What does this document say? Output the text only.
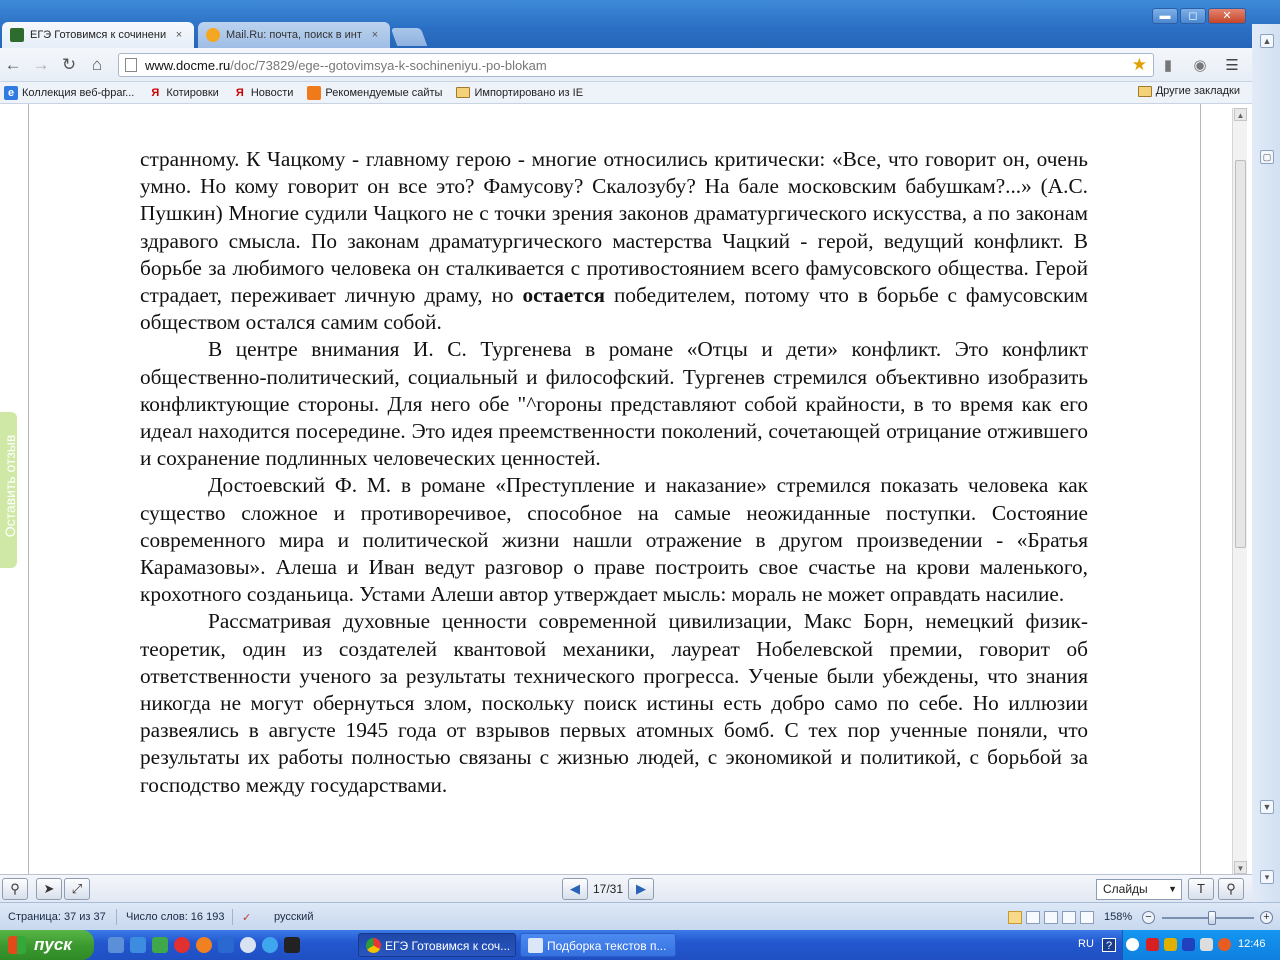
ЕГЭ Готовимся к сочинени ×	Mail.Ru: почта, поиск в инт ×
▬	◻	✕
← → ↻ ⌂	www.docme.ru /doc/73829/ege--gotovimsya-k-sochineniyu.-po-blokam	★	▮	◉ ☰
e Коллекция веб-фраг... Я Котировки Я Новости	Рекомендуемые сайты	Импортировано из IE	Другие закладки

странному. К Чацкому - главному герою - многие относились критически: «Все, что говорит он, очень умно. Но кому говорит он все это? Фамусову? Скалозубу? На бале московским бабушкам?...» (А.С. Пушкин) Многие судили Чацкого не с точки зрения законов драматургического искусства, а по законам здравого смысла. По законам драматургического мастерства Чацкий - герой, ведущий конфликт. В борьбе за любимого человека он сталкивается с противостоянием всего фамусовского общества. Герой страдает, переживает личную драму, но остается победителем, потому что в борьбе с фамусовским обществом остался самим собой.

В центре внимания И. С. Тургенева в романе «Отцы и дети» конфликт. Это конфликт общественно-политический, социальный и философский. Тургенев стремился объективно изобразить конфликтующие стороны. Для него обе "^гороны представляют собой крайности, в то время как его идеал находится посередине. Это идея преемственности поколений, сочетающей отрицание отжившего и сохранение подлинных человеческих ценностей.

Достоевский Ф. М. в романе «Преступление и наказание» стремился показать человека как существо сложное и противоречивое, способное на самые неожиданные поступки. Состояние современного мира и политической жизни нашли отражение в другом произведении - «Братья Карамазовы». Алеша и Иван ведут разговор о праве построить свое счастье на крови маленького, крохотного созданьица. Устами Алеши автор утверждает мысль: мораль не может оправдать насилие.

Рассматривая духовные ценности современной цивилизации, Макс Борн, немецкий физик-теоретик, один из создателей квантовой механики, лауреат Нобелевской премии, говорит об ответственности ученого за результаты технического прогресса. Ученые были убеждены, что знания никогда не могут обернуться злом, поскольку поиск истины есть добро само по себе. Но иллюзии развеялись в августе 1945 года от взрывов первых атомных бомб. С тех пор ученные поняли, что результаты их работы полностью связаны с жизнью людей, с экономикой и политикой, с борьбой за господство между государствами.

Оставить отзыв
▲
▼
▲
▢
▼
▾
⚲	➤	⤢	◀	17/31 ▶	Слайды ▼	T	⚲
Страница: 37 из 37 Число слов: 16 193 ✓ русский	158% −	+
пуск	ЕГЭ Готовимся к соч...	Подборка текстов п...	RU	?	12:46
